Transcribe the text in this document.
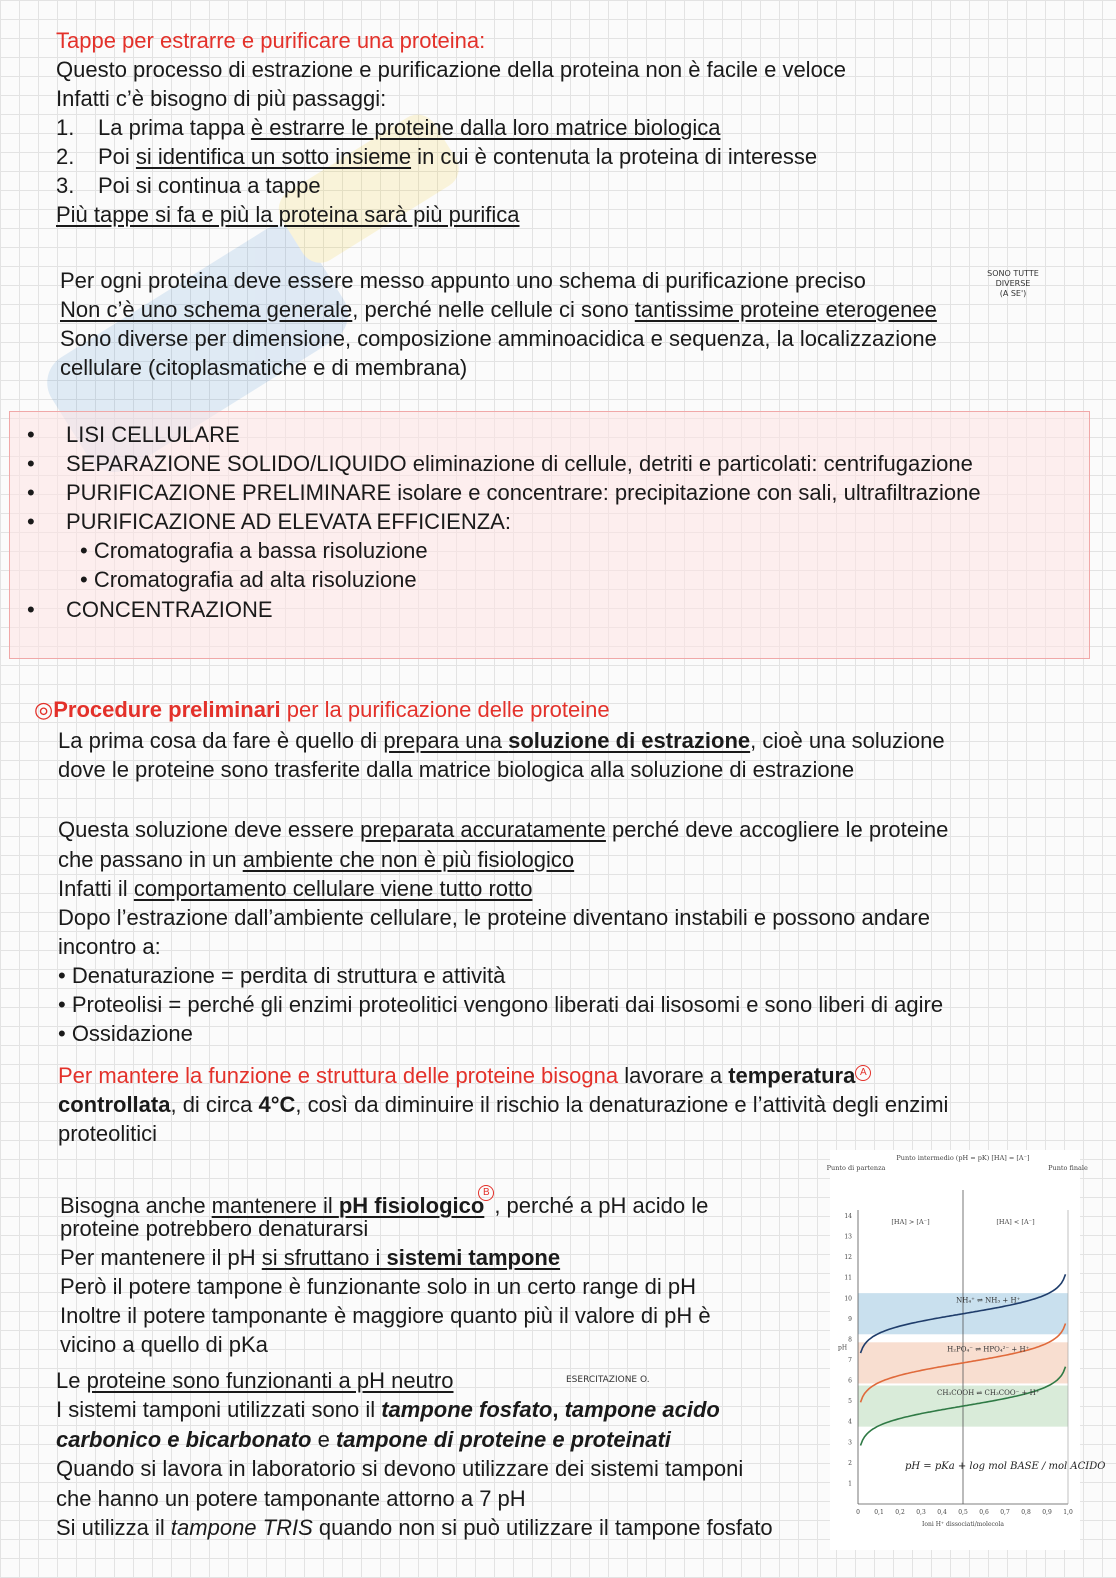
Tappe per estrarre e purificare una proteina:
Questo processo di estrazione e purificazione della proteina non è facile e veloce
Infatti c’è bisogno di più passaggi:
1. La prima tappa è estrarre le proteine dalla loro matrice biologica
2. Poi si identifica un sotto insieme in cui è contenuta la proteina di interesse
3. Poi si continua a tappe
Più tappe si fa e più la proteina sarà più purifica
Per ogni proteina deve essere messo appunto uno schema di purificazione preciso	SONO TUTTE
DIVERSE
(A SE')
Non c’è uno schema generale, perché nelle cellule ci sono tantissime proteine eterogenee
Sono diverse per dimensione, composizione amminoacidica e sequenza, la localizzazione
cellulare (citoplasmatiche e di membrana)
• LISI CELLULARE
• SEPARAZIONE SOLIDO/LIQUIDO eliminazione di cellule, detriti e particolati: centrifugazione
• PURIFICAZIONE PRELIMINARE isolare e concentrare: precipitazione con sali, ultrafiltrazione
• PURIFICAZIONE AD ELEVATA EFFICIENZA:
• Cromatografia a bassa risoluzione
• Cromatografia ad alta risoluzione
• CONCENTRAZIONE
◎Procedure preliminari per la purificazione delle proteine
La prima cosa da fare è quello di prepara una soluzione di estrazione, cioè una soluzione
dove le proteine sono trasferite dalla matrice biologica alla soluzione di estrazione
Questa soluzione deve essere preparata accuratamente perché deve accogliere le proteine
che passano in un ambiente che non è più fisiologico
Infatti il comportamento cellulare viene tutto rotto
Dopo l’estrazione dall’ambiente cellulare, le proteine diventano instabili e possono andare
incontro a:
• Denaturazione = perdita di struttura e attività
• Proteolisi = perché gli enzimi proteolitici vengono liberati dai lisosomi e sono liberi di agire
• Ossidazione
Per mantere la funzione e struttura delle proteine bisogna lavorare a temperatura A
controllata, di circa 4°C, così da diminuire il rischio la denaturazione e l’attività degli enzimi
proteolitici
Bisogna anche mantenere il pH fisiologicoB, perché a pH acido le
proteine potrebbero denaturarsi
Per mantenere il pH si sfruttano i sistemi tampone
Però il potere tampone è funzionante solo in un certo range di pH
Inoltre il potere tamponante è maggiore quanto più il valore di pH è
vicino a quello di pKa
Le proteine sono funzionanti a pH neutro	ESERCITAZIONE O.
I sistemi tamponi utilizzati sono il tampone fosfato, tampone acido
carbonico e bicarbonato e tampone di proteine e proteinati
Quando si lavora in laboratorio si devono utilizzare dei sistemi tamponi
che hanno un potere tamponante attorno a 7 pH
Si utilizza il tampone TRIS quando non si può utilizzare il tampone fosfato
1
2
3
4
5
6
7
8
9
10
11
12
13
14
0 0,1 0,2 0,3 0,4 0,5 0,6 0,7 0,8 0,9 1,0
pH
Ioni H⁺ dissociati/molecola
Punto di partenza
Punto intermedio (pH = pK) [HA] = [A⁻]
Punto finale
[HA] > [A⁻]	[HA] < [A⁻]
NH₄⁺ ⇌ NH₃ + H⁺
H₂PO₄⁻ ⇌ HPO₄²⁻ + H⁺
CH₃COOH ⇌ CH₃COO⁻ + H⁺
pH = pKa + log mol BASE / mol ACIDO
